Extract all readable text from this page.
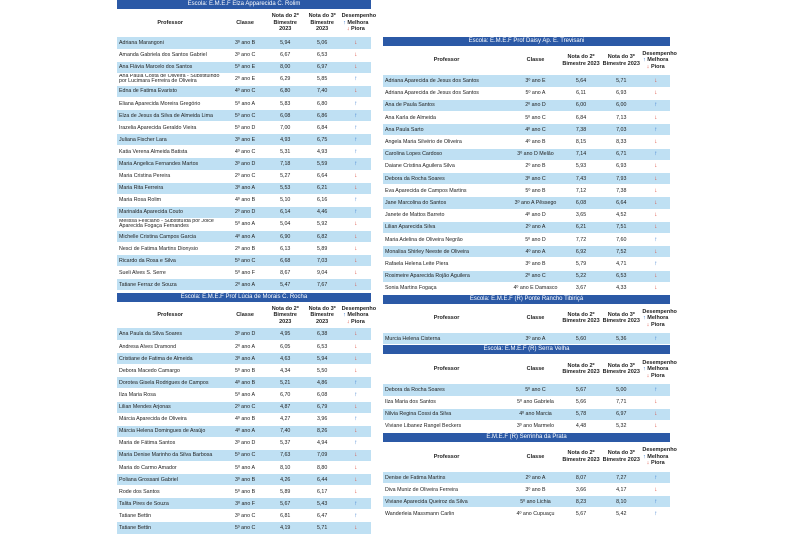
Escola: E.M.E.F Elza Apparecida C. Rolim
Professor	Classe	Nota do 2º Bimestre 2023	Nota do 3º Bimestre 2023	Desempenho
↑ Melhora
↓ Piora

Adriana Marangoni	3º ano B	5,94	5,06	↓
Amanda Gabriela dos Santos Gabriel	3º ano C	6,67	6,53	↓
Ana Flávia Marcelo dos Santos	5º ano E	8,00	6,97	↓
Ana Paula Costa de Oliveira - Substituindo por Lucimara Ferreira de Oliveira	2º ano E	6,29	5,85	↑
Edna de Fatima Evaristo	4º ano C	6,80	7,40	↓
Eliana Aparecida Moreira Gregório	5º ano A	5,83	6,80	↑
Elza de Jesus da Silva de Almeida Lima	5º ano C	6,08	6,86	↑
Irazelia Aparecida Geraldo Vieira	5º ano D	7,00	6,84	↑
Juliana Fischer Lara	3º ano E	4,93	6,75	↑
Katia Verena Almeida Batista	4º ano C	5,31	4,93	↑
Maria Angelica Fernandes Martos	3º ano D	7,18	5,59	↑
Maria Cristina Pereira	2º ano C	5,27	6,64	↓
Maria Rita Ferreira	3º ano A	5,53	6,21	↓
Maria Rosa Rolim	4º ano B	5,10	6,16	↑
Marinalda Aparecida Couto	2º ano D	6,14	4,46	↑
Melissa Feliciano - Substituída por Joice Aparecida Fogaça Fernandes	5º ano A	5,04	5,92	↓
Michelle Cristina Campos Garcia	4º ano A	6,90	6,82	↓
Nesci de Fatima Martins Dionysio	2º ano B	6,13	5,89	↓
Ricardo da Rosa e Silva	5º ano C	6,68	7,03	↓
Sueli Alves S. Serre	5º ano F	8,67	9,04	↓
Tatiane Ferraz de Souza	2º ano A	5,47	7,67	↓
Escola: E.M.E.F Prof Lúcia de Morais C. Rocha
Professor	Classe	Nota do 2º Bimestre 2023	Nota do 3º Bimestre 2023	Desempenho
↑ Melhora
↓ Piora

Ana Paula da Silva Soares	3º ano D	4,95	6,38	↓
Andresa Alves Dramond	2º ano A	6,05	6,53	↓
Cristiane de Fatima de Almeida	3º ano A	4,63	5,94	↓
Debora Macedo Camargo	5º ano B	4,34	5,50	↓
Dorotea Gisela Rodrigues de Campos	4º ano B	5,21	4,86	↑
Ilza Maria Rosa	5º ano A	6,70	6,08	↑
Lilian Mendes Arjonas	2º ano C	4,87	6,79	↓
Márcia Aparecida de Oliveira	4º ano B	4,27	3,96	↑
Márcia Helena Domingues de Araújo	4º ano A	7,40	8,26	↓
Maria de Fátima Santos	3º ano D	5,37	4,94	↑
Maria Denise Marinho da Silva Barbosa	5º ano C	7,63	7,09	↓
Maria do Carmo Amador	5º ano A	8,10	8,80	↓
Poliana Grossani Gabriel	3º ano B	4,26	6,44	↓
Rode dos Santos	5º ano B	5,89	6,17	↓
Talita Pires de Souza	3º ano F	5,67	5,43	↑
Tatiane Bettin	3º ano C	6,81	6,47	↑
Tatiane Bettin	5º ano C	4,19	5,71	↓
Escola: E.M.E.F Prof Daisy Ap. E. Trevisani
Professor	Classe	Nota do 2º Bimestre 2023	Nota do 3º Bimestre 2023	Desempenho
↑ Melhora
↓ Piora

Adriana Aparecida de Jesus dos Santos	3º ano E	5,64	5,71	↓
Adriana Aparecida de Jesus dos Santos	5º ano A	6,11	6,93	↓
Ana de Paula Santos	2º ano D	6,00	6,00	↑
Ana Karla de Almeida	5º ano C	6,84	7,13	↓
Ana Paula Sarto	4º ano C	7,38	7,03	↑
Angela Maria Silvério de Oliveira	4º ano B	8,15	8,33	↓
Carolina Lopes Cardoso	3º ano D Melão	7,14	6,71	↑
Daiane Cristina Aguilera Silva	2º ano B	5,93	6,93	↓
Debora da Rocha Soares	3º ano C	7,43	7,93	↓
Eva Aparecida de Campos Martins	5º ano B	7,12	7,38	↓
Jane Marcolina do Santos	3º ano A Pêssego	6,08	6,64	↓
Janete de Mattos Barreto	4º ano D	3,65	4,52	↓
Lilian Aparecida Silva	2º ano A	6,21	7,51	↓
Maria Adelina de Oliveira Negrão	5º ano D	7,72	7,60	↑
Monalisa Shirley Neeste de Oliveira	4º ano A	6,92	7,52	↓
Rafaela Helena Leite Piera	3º ano B	5,79	4,71	↑
Rosimeire Aparecida Rojão Aguilera	2º ano C	5,22	6,53	↓
Sonia Martins Fogaça	4º ano E Damasco	3,67	4,33	↓
Escola: E.M.E.F (R) Ponte Rancho Tibiriçá
Professor	Classe	Nota do 2º Bimestre 2023	Nota do 3º Bimestre 2023	Desempenho
↑ Melhora
↓ Piora

Murcia Helena Cisterna	3º ano A	5,60	5,36	↑
Escola: E.M.E.F (R) Serra Velha
Professor	Classe	Nota do 2º Bimestre 2023	Nota do 3º Bimestre 2023	Desempenho
↑ Melhora
↓ Piora

Debora da Rocha Soares	5º ano C	5,67	5,00	↑
Ilza Maria dos Santos	5º ano Gabriela	5,66	7,71	↓
Nilvia Regina Cossi da Silva	4º ano Marcia	5,78	6,97	↓
Viviane Libanez Rangel Beckers	3º ano Marmelo	4,48	5,32	↓
E.M.E.F (R) Serrinha da Prata
Professor	Classe	Nota do 2º Bimestre 2023	Nota do 3º Bimestre 2023	Desempenho
↑ Melhora
↓ Piora

Denise de Fatima Martins	2º ano A	8,07	7,27	↑
Diva Muniz de Oliveira Ferreira	3º ano B	3,66	4,17	↓
Viviane Aparecida Queiroz da Silva	5º ano Lichia	8,23	8,10	↑
Wanderleia Massmann Carlin	4º ano Cupuaçu	5,67	5,42	↑
